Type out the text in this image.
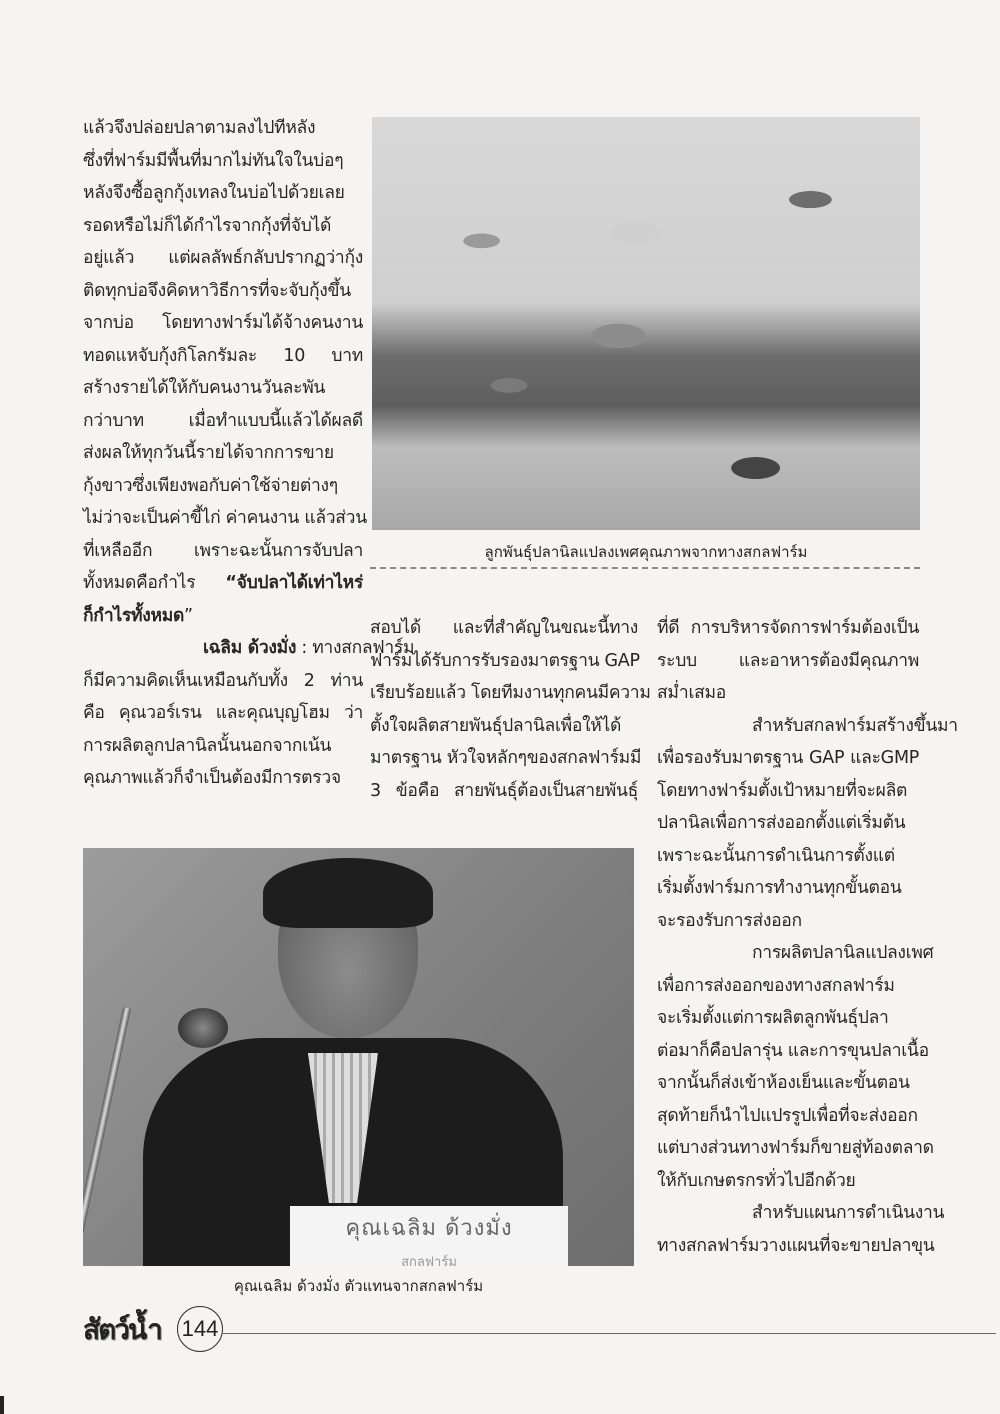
แล้วจึงปล่อยปลาตามลงไปทีหลัง
ซึ่งที่ฟาร์มมีพื้นที่มากไม่ทันใจในบ่อๆ
หลังจึงซื้อลูกกุ้งเทลงในบ่อไปด้วยเลย
รอดหรือไม่ก็ได้กำไรจากกุ้งที่จับได้
อยู่แล้ว แต่ผลลัพธ์กลับปรากฏว่ากุ้ง
ติดทุกบ่อจึงคิดหาวิธีการที่จะจับกุ้งขึ้น
จากบ่อ โดยทางฟาร์มได้จ้างคนงาน
ทอดแหจับกุ้งกิโลกรัมละ 10 บาท
สร้างรายได้ให้กับคนงานวันละพัน
กว่าบาท เมื่อทำแบบนี้แล้วได้ผลดี
ส่งผลให้ทุกวันนี้รายได้จากการขาย
กุ้งขาวซึ่งเพียงพอกับค่าใช้จ่ายต่างๆ
ไม่ว่าจะเป็นค่าขี้ไก่ ค่าคนงาน แล้วส่วน
ที่เหลืออีก เพราะฉะนั้นการจับปลา
ทั้งหมดคือกำไร “จับปลาได้เท่าไหร่
ก็กำไรทั้งหมด”
เฉลิม ด้วงมั่ง : ทางสกลฟาร์ม
ก็มีความคิดเห็นเหมือนกับทั้ง 2 ท่าน
คือ คุณวอร์เรน และคุณบุญโฮม ว่า
การผลิตลูกปลานิลนั้นนอกจากเน้น
คุณภาพแล้วก็จำเป็นต้องมีการตรวจ
ลูกพันธุ์ปลานิลแปลงเพศคุณภาพจากทางสกลฟาร์ม
สอบได้ และที่สำคัญในขณะนี้ทาง
ฟาร์มได้รับการรับรองมาตรฐาน GAP
เรียบร้อยแล้ว โดยทีมงานทุกคนมีความ
ตั้งใจผลิตสายพันธุ์ปลานิลเพื่อให้ได้
มาตรฐาน หัวใจหลักๆของสกลฟาร์มมี
3 ข้อคือ สายพันธุ์ต้องเป็นสายพันธุ์
ที่ดี การบริหารจัดการฟาร์มต้องเป็น
ระบบ และอาหารต้องมีคุณภาพ
สม่ำเสมอ
สำหรับสกลฟาร์มสร้างขึ้นมา
เพื่อรองรับมาตรฐาน GAP และGMP
โดยทางฟาร์มตั้งเป้าหมายที่จะผลิต
ปลานิลเพื่อการส่งออกตั้งแต่เริ่มต้น
เพราะฉะนั้นการดำเนินการตั้งแต่
เริ่มตั้งฟาร์มการทำงานทุกขั้นตอน
จะรองรับการส่งออก
การผลิตปลานิลแปลงเพศ
เพื่อการส่งออกของทางสกลฟาร์ม
จะเริ่มตั้งแต่การผลิตลูกพันธุ์ปลา
ต่อมาก็คือปลารุ่น และการขุนปลาเนื้อ
จากนั้นก็ส่งเข้าห้องเย็นและขั้นตอน
สุดท้ายก็นำไปแปรรูปเพื่อที่จะส่งออก
แต่บางส่วนทางฟาร์มก็ขายสู่ท้องตลาด
ให้กับเกษตรกรทั่วไปอีกด้วย
สำหรับแผนการดำเนินงาน
ทางสกลฟาร์มวางแผนที่จะขายปลาขุน
คุณเฉลิม ด้วงมั่ง
สกลฟาร์ม
คุณเฉลิม ด้วงมั่ง ตัวแทนจากสกลฟาร์ม
สัตว์น้ำ 144
